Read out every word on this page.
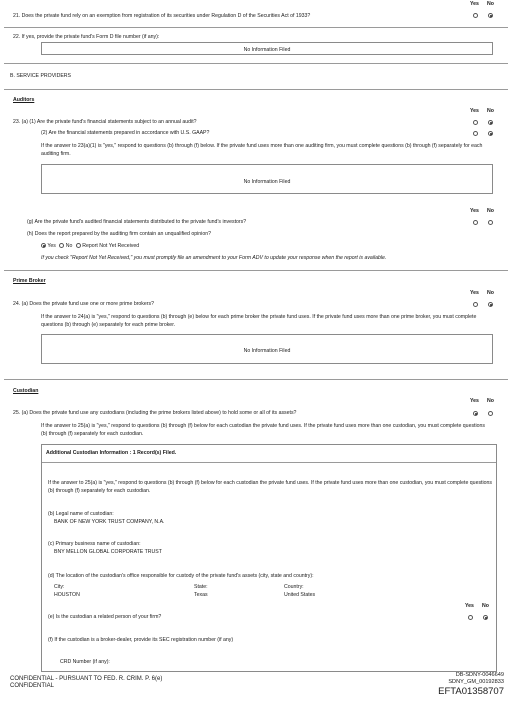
Yes No
21. Does the private fund rely on an exemption from registration of its securities under Regulation D of the Securities Act of 1933?
22. If yes, provide the private fund's Form D file number (if any):
No Information Filed
B. SERVICE PROVIDERS
Auditors
Yes No
23. (a) (1) Are the private fund's financial statements subject to an annual audit?
(2) Are the financial statements prepared in accordance with U.S. GAAP?
If the answer to 23(a)(1) is "yes," respond to questions (b) through (f) below. If the private fund uses more than one auditing firm, you must complete questions (b) through (f) separately for each auditing firm.
No Information Filed
Yes No
(g) Are the private fund's audited financial statements distributed to the private fund's investors?
(h) Does the report prepared by the auditing firm contain an unqualified opinion?
Yes No Report Not Yet Received
If you check "Report Not Yet Received," you must promptly file an amendment to your Form ADV to update your response when the report is available.
Prime Broker
Yes No
24. (a) Does the private fund use one or more prime brokers?
If the answer to 24(a) is "yes," respond to questions (b) through (e) below for each prime broker the private fund uses. If the private fund uses more than one prime broker, you must complete questions (b) through (e) separately for each prime broker.
No Information Filed
Custodian
Yes No
25. (a) Does the private fund use any custodians (including the prime brokers listed above) to hold some or all of its assets?
If the answer to 25(a) is "yes," respond to questions (b) through (f) below for each custodian the private fund uses. If the private fund uses more than one custodian, you must complete questions (b) through (f) separately for each custodian.
Additional Custodian Information : 1 Record(s) Filed.
If the answer to 25(a) is "yes," respond to questions (b) through (f) below for each custodian the private fund uses. If the private fund uses more than one custodian, you must complete questions (b) through (f) separately for each custodian.
(b) Legal name of custodian:
BANK OF NEW YORK TRUST COMPANY, N.A.
(c) Primary business name of custodian:
BNY MELLON GLOBAL CORPORATE TRUST
(d) The location of the custodian's office responsible for custody of the private fund's assets (city, state and country):
City:	State:	Country:
HOUSTON	Texas	United States
Yes No
(e) Is the custodian a related person of your firm?
(f) If the custodian is a broker-dealer, provide its SEC registration number (if any)
CRD Number (if any):
CONFIDENTIAL - PURSUANT TO FED. R. CRIM. P. 6(e)
CONFIDENTIAL
DB-SDNY-0046649
SDNY_GM_00192833
EFTA01358707
